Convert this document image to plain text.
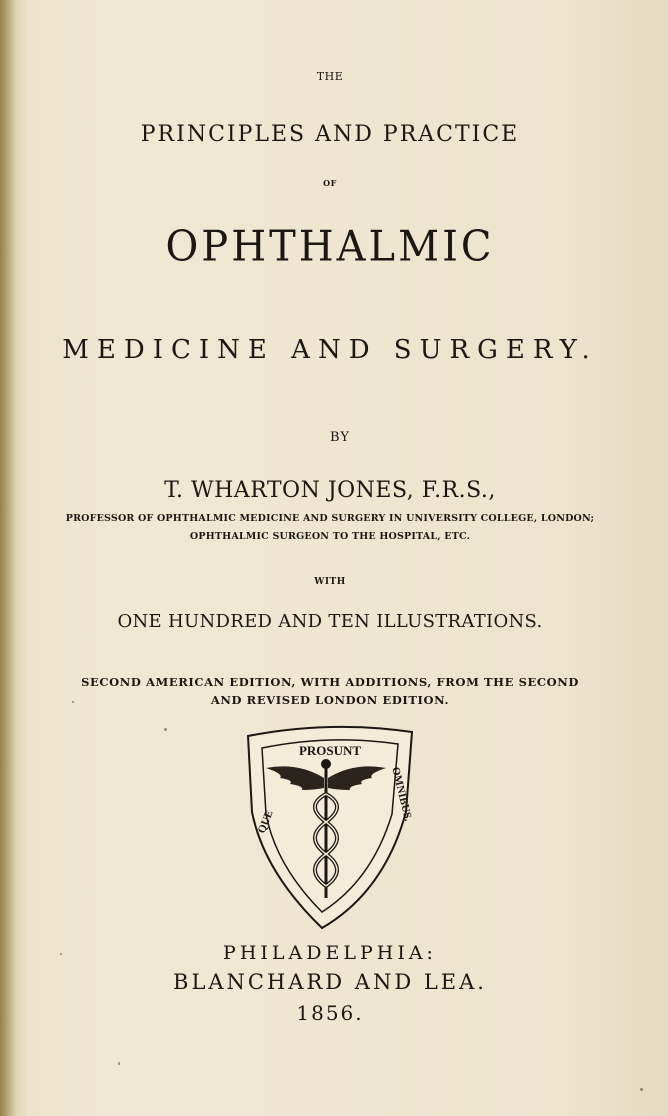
THE
PRINCIPLES AND PRACTICE
OF
OPHTHALMIC
MEDICINE AND SURGERY.
BY
T. WHARTON JONES, F.R.S.,
PROFESSOR OF OPHTHALMIC MEDICINE AND SURGERY IN UNIVERSITY COLLEGE, LONDON;
OPHTHALMIC SURGEON TO THE HOSPITAL, ETC.
WITH
ONE HUNDRED AND TEN ILLUSTRATIONS.
SECOND AMERICAN EDITION, WITH ADDITIONS, FROM THE SECOND
AND REVISED LONDON EDITION.
PROSUNT
QUE	OMNIBUS.
PHILADELPHIA:
BLANCHARD AND LEA.
1856.
